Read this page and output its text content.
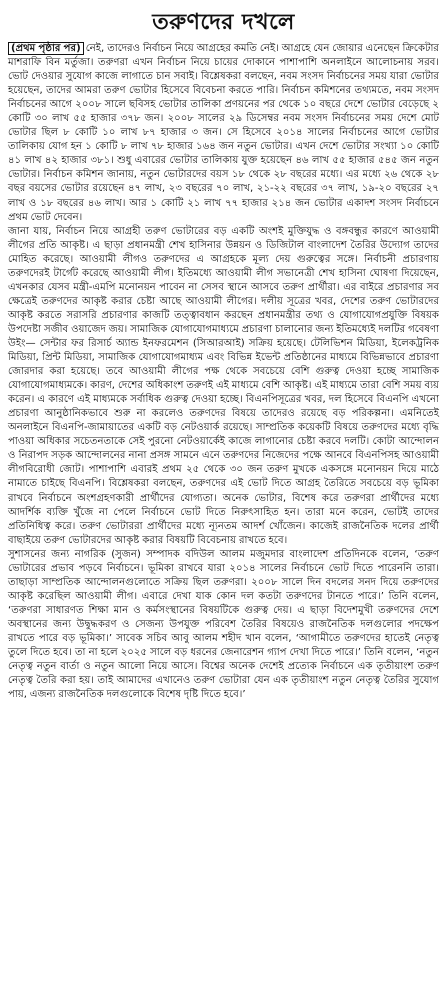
তরুণদের দখলে

(প্রথম পৃষ্ঠার পর) নেই, তাদেরও নির্বাচন নিয়ে আগ্রহের কমতি নেই। আগ্রহে যেন জোয়ার এনেছেন ক্রিকেটার মাশরাফি বিন মর্তুজা। তরুণরা এখন নির্বাচন নিয়ে চায়ের দোকানে পাশাপাশি অনলাইনে আলোচনায় সরব। ভোট দেওয়ার সুযোগ কাজে লাগাতে চান সবাই। বিশ্লেষকরা বলছেন, নবম সংসদ নির্বাচনের সময় যারা ভোটার হয়েছেন, তাদের আমরা তরুণ ভোটার হিসেবে বিবেচনা করতে পারি। নির্বাচন কমিশনের তথ্যমতে, নবম সংসদ নির্বাচনের আগে ২০০৮ সালে ছবিসহ ভোটার তালিকা প্রণয়নের পর থেকে ১০ বছরে দেশে ভোটার বেড়েছে ২ কোটি ৩০ লাখ ৫৫ হাজার ৩৭৮ জন। ২০০৮ সালের ২৯ ডিসেম্বর নবম সংসদ নির্বাচনের সময় দেশে মোট ভোটার ছিল ৮ কোটি ১০ লাখ ৮৭ হাজার ৩ জন। সে হিসেবে ২০১৪ সালের নির্বাচনের আগে ভোটার তালিকায় যোগ হন ১ কোটি ৮ লাখ ৭৮ হাজার ১৬৪ জন নতুন ভোটার। এখন দেশে ভোটার সংখ্যা ১০ কোটি ৪১ লাখ ৪২ হাজার ৩৮১। শুধু এবারের ভোটার তালিকায় যুক্ত হয়েছেন ৪৬ লাখ ৫৫ হাজার ৫৪৫ জন নতুন ভোটার। নির্বাচন কমিশন জানায়, নতুন ভোটারদের বয়স ১৮ থেকে ২৮ বছরের মধ্যে। এর মধ্যে ২৬ থেকে ২৮ বছর বয়সের ভোটার রয়েছেন ৪৭ লাখ, ২৩ বছরের ৭০ লাখ, ২১-২২ বছরের ৩৭ লাখ, ১৯-২০ বছরের ২৭ লাখ ও ১৮ বছরের ৪৬ লাখ। আর ১ কোটি ২১ লাখ ৭৭ হাজার ২১৪ জন ভোটার একাদশ সংসদ নির্বাচনে প্রথম ভোট দেবেন।

জানা যায়, নির্বাচন নিয়ে আগ্রহী তরুণ ভোটারের বড় একটি অংশই মুক্তিযুদ্ধ ও বঙ্গবন্ধুর কারণে আওয়ামী লীগের প্রতি আকৃষ্ট। এ ছাড়া প্রধানমন্ত্রী শেখ হাসিনার উন্নয়ন ও ডিজিটাল বাংলাদেশ তৈরির উদ্যোগ তাদের মোহিত করেছে। আওয়ামী লীগও তরুণদের এ আগ্রহকে মূল্য দেয় গুরুত্বের সঙ্গে। নির্বাচনী প্রচারণায় তরুণদেরই টার্গেট করেছে আওয়ামী লীগ। ইতিমধ্যে আওয়ামী লীগ সভানেত্রী শেখ হাসিনা ঘোষণা দিয়েছেন, এখনকার যেসব মন্ত্রী-এমপি মনোনয়ন পাবেন না সেসব স্থানে আসবে তরুণ প্রার্থীরা। এর বাইরে প্রচারণার সব ক্ষেত্রেই তরুণদের আকৃষ্ট করার চেষ্টা আছে আওয়ামী লীগের। দলীয় সূত্রের খবর, দেশের তরুণ ভোটারদের আকৃষ্ট করতে সরাসরি প্রচারণার কাজটি তত্ত্বাবধান করছেন প্রধানমন্ত্রীর তথ্য ও যোগাযোগপ্রযুক্তি বিষয়ক উপদেষ্টা সজীব ওয়াজেদ জয়। সামাজিক যোগাযোগমাধ্যমে প্রচারণা চালানোর জন্য ইতিমধ্যেই দলটির গবেষণা উইং— সেন্টার ফর রিসার্চ অ্যান্ড ইনফরমেশন (সিআরআই) সক্রিয় হয়েছে। টেলিভিশন মিডিয়া, ইলেকট্রনিক মিডিয়া, প্রিন্ট মিডিয়া, সামাজিক যোগাযোগমাধ্যম এবং বিভিন্ন ইভেন্ট প্রতিষ্ঠানের মাধ্যমে বিভিন্নভাবে প্রচারণা জোরদার করা হয়েছে। তবে আওয়ামী লীগের পক্ষ থেকে সবচেয়ে বেশি গুরুত্ব দেওয়া হচ্ছে সামাজিক যোগাযোগমাধ্যমকে। কারণ, দেশের অধিকাংশ তরুণই এই মাধ্যমে বেশি আকৃষ্ট। এই মাধ্যমে তারা বেশি সময় ব্যয় করেন। এ কারণে এই মাধ্যমকে সর্বাধিক গুরুত্ব দেওয়া হচ্ছে। বিএনপিসূত্রের খবর, দল হিসেবে বিএনপি এখনো প্রচারণা আনুষ্ঠানিকভাবে শুরু না করলেও তরুণদের বিষয়ে তাদেরও রয়েছে বড় পরিকল্পনা। এমনিতেই অনলাইনে বিএনপি-জামায়াতের একটি বড় নেটওয়ার্ক রয়েছে। সাম্প্রতিক কয়েকটি বিষয়ে তরুণদের মধ্যে বৃদ্ধি পাওয়া অধিকার সচেতনতাকে সেই পুরনো নেটওয়ার্কেই কাজে লাগানোর চেষ্টা করবে দলটি। কোটা আন্দোলন ও নিরাপদ সড়ক আন্দোলনের নানা প্রসঙ্গ সামনে এনে তরুণদের নিজেদের পক্ষে আনবে বিএনপিসহ আওয়ামী লীগবিরোধী জোট। পাশাপাশি এবারই প্রথম ২৫ থেকে ৩০ জন তরুণ মুখকে একসঙ্গে মনোনয়ন দিয়ে মাঠে নামাতে চাইছে বিএনপি। বিশ্লেষকরা বলছেন, তরুণদের এই ভোট দিতে আগ্রহ তৈরিতে সবচেয়ে বড় ভূমিকা রাখবে নির্বাচনে অংশগ্রহণকারী প্রার্থীদের যোগ্যতা। অনেক ভোটার, বিশেষ করে তরুণরা প্রার্থীদের মধ্যে আদর্শিক ব্যক্তি খুঁজে না পেলে নির্বাচনে ভোট দিতে নিরুৎসাহিত হন। তারা মনে করেন, ভোটই তাদের প্রতিনিধিত্ব করে। তরুণ ভোটাররা প্রার্থীদের মধ্যে ন্যূনতম আদর্শ খোঁজেন। কাজেই রাজনৈতিক দলের প্রার্থী বাছাইয়ে তরুণ ভোটারদের আকৃষ্ট করার বিষয়টি বিবেচনায় রাখতে হবে।

সুশাসনের জন্য নাগরিক (সুজন) সম্পাদক বদিউল আলম মজুমদার বাংলাদেশ প্রতিদিনকে বলেন, ‘তরুণ ভোটারের প্রভাব পড়বে নির্বাচনে। ভূমিকা রাখবে যারা ২০১৪ সালের নির্বাচনে ভোট দিতে পারেননি তারা। তাছাড়া সাম্প্রতিক আন্দোলনগুলোতে সক্রিয় ছিল তরুণরা। ২০০৮ সালে দিন বদলের সনদ দিয়ে তরুণদের আকৃষ্ট করেছিল আওয়ামী লীগ। এবারে দেখা যাক কোন দল কতটা তরুণদের টানতে পারে।’ তিনি বলেন, ‘তরুণরা সাধারণত শিক্ষা মান ও কর্মসংস্থানের বিষয়টিকে গুরুত্ব দেয়। এ ছাড়া বিদেশমুখী তরুণদের দেশে অবস্থানের জন্য উদ্বুদ্ধকরণ ও সেজন্য উপযুক্ত পরিবেশ তৈরির বিষয়েও রাজনৈতিক দলগুলোর পদক্ষেপ রাখতে পারে বড় ভূমিকা।’ সাবেক সচিব আবু আলম শহীদ খান বলেন, ‘আগামীতে তরুণদের হাতেই নেতৃত্ব তুলে দিতে হবে। তা না হলে ২০২৫ সালে বড় ধরনের জেনারেশন গ্যাপ দেখা দিতে পারে।’ তিনি বলেন, ‘নতুন নেতৃত্ব নতুন বার্তা ও নতুন আলো নিয়ে আসে। বিশ্বের অনেক দেশেই প্রত্যেক নির্বাচনে এক তৃতীয়াংশ তরুণ নেতৃত্ব তৈরি করা হয়। তাই আমাদের এখানেও তরুণ ভোটারা যেন এক তৃতীয়াংশ নতুন নেতৃত্ব তৈরির সুযোগ পায়, এজন্য রাজনৈতিক দলগুলোকে বিশেষ দৃষ্টি দিতে হবে।’
